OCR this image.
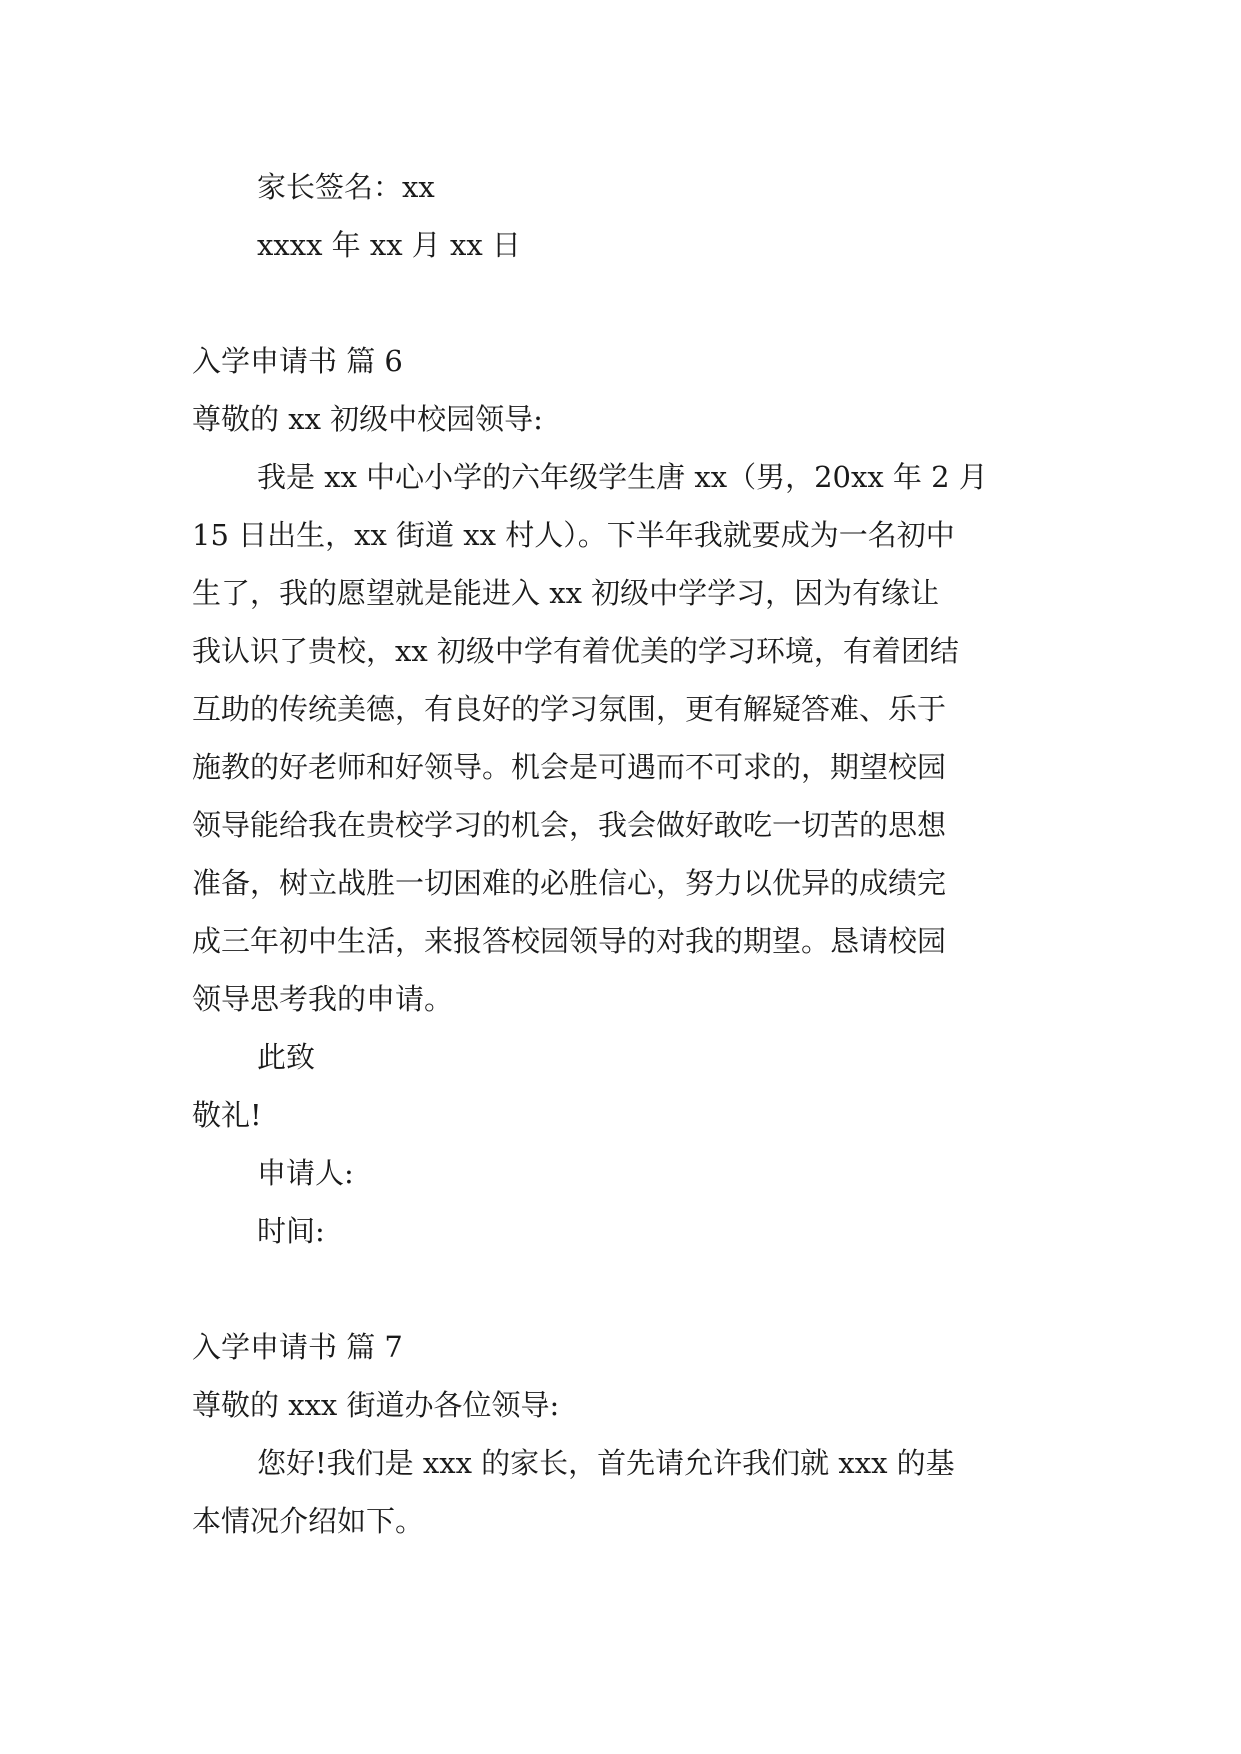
家长签名：xx
xxxx 年 xx 月 xx 日
入学申请书 篇 6
尊敬的 xx 初级中校园领导:
我是 xx 中心小学的六年级学生唐 xx（男，20xx 年 2 月
15 日出生，xx 街道 xx 村人）。下半年我就要成为一名初中
生了，我的愿望就是能进入 xx 初级中学学习，因为有缘让
我认识了贵校，xx 初级中学有着优美的学习环境，有着团结
互助的传统美德，有良好的学习氛围，更有解疑答难、乐于
施教的好老师和好领导。机会是可遇而不可求的，期望校园
领导能给我在贵校学习的机会，我会做好敢吃一切苦的思想
准备，树立战胜一切困难的必胜信心，努力以优异的成绩完
成三年初中生活，来报答校园领导的对我的期望。恳请校园
领导思考我的申请。
此致
敬礼!
申请人:
时间:
入学申请书 篇 7
尊敬的 xxx 街道办各位领导:
您好!我们是 xxx 的家长，首先请允许我们就 xxx 的基
本情况介绍如下。
